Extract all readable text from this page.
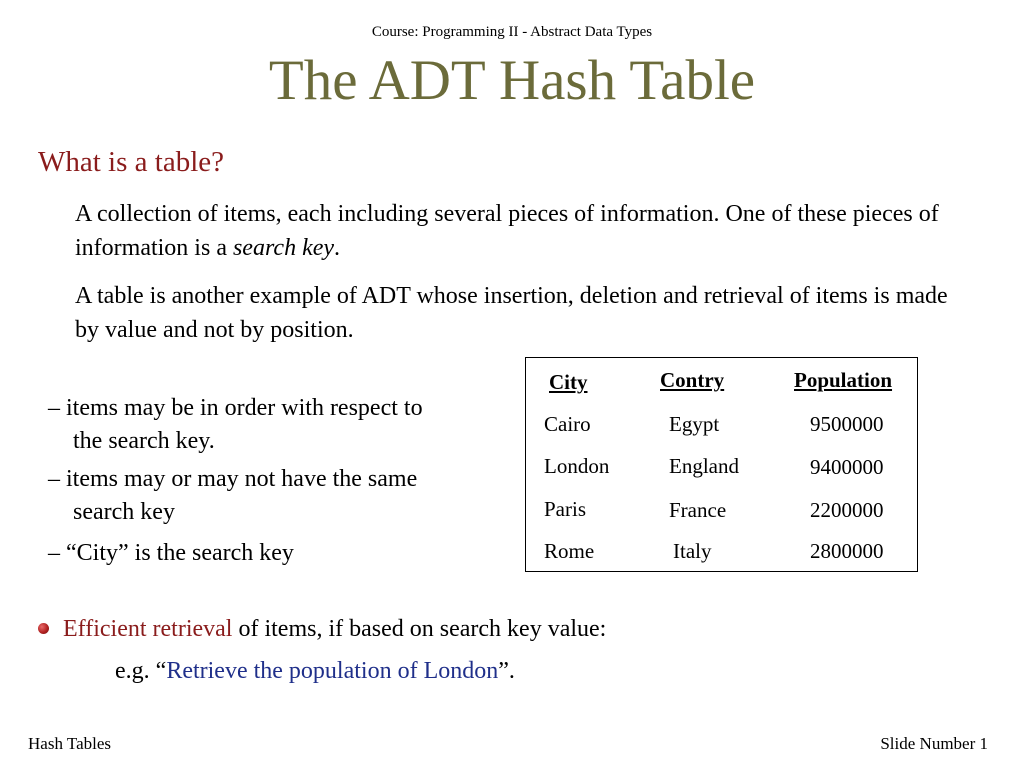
Course: Programming II - Abstract Data Types
The ADT Hash Table
What is a table?
A collection of items, each including several pieces of information. One of these pieces of information is a search key.
A table is another example of ADT whose insertion, deletion and retrieval of items is made by value and not by position.
– items may be in order with respect to
the search key.
– items may or may not have the same
search key
– “City” is the search key
City	Contry	Population
Cairo	Egypt	9500000
London	England	9400000
Paris	France	2200000
Rome	Italy	2800000
Efficient retrieval of items, if based on search key value:
e.g. “Retrieve the population of London”.
Hash Tables	Slide Number 1
